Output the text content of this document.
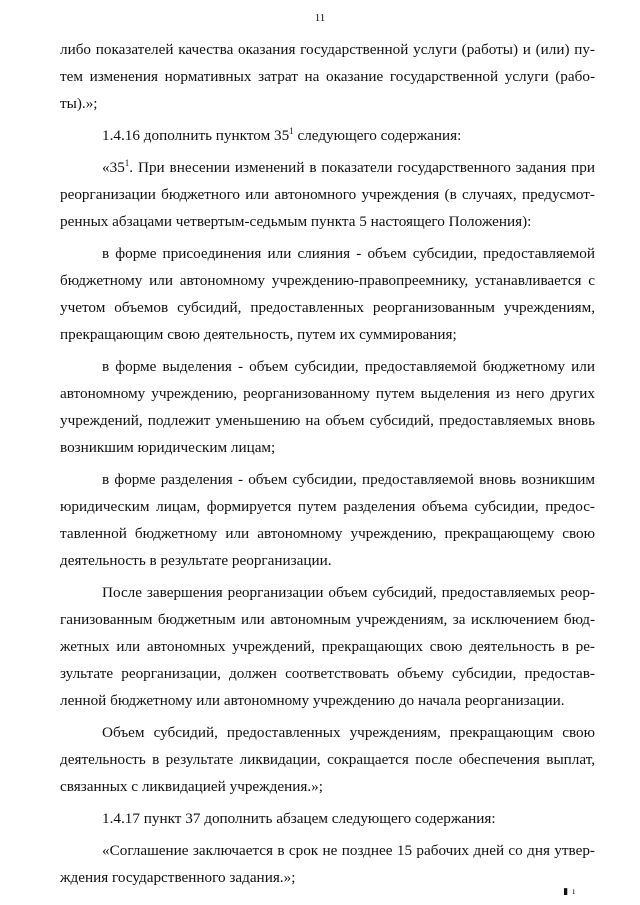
11

либо показателей качества оказания государственной услуги (работы) и (или) пу- тем изменения нормативных затрат на оказание государственной услуги (рабо- ты).»;

1.4.16 дополнить пунктом $35^1$ следующего содержания:

«$35^1$. При внесении изменений в показатели государственного задания при реорганизации бюджетного или автономного учреждения (в случаях, предусмот- ренных абзацами четвертым-седьмым пункта 5 настоящего Положения):

в форме присоединения или слияния - объем субсидии, предоставляемой бюджетному или автономному учреждению-правопреемнику, устанавливается с учетом объемов субсидий, предоставленных реорганизованным учреждениям, прекращающим свою деятельность, путем их суммирования;

в форме выделения - объем субсидии, предоставляемой бюджетному или автономному учреждению, реорганизованному путем выделения из него других учреждений, подлежит уменьшению на объем субсидий, предоставляемых вновь возникшим юридическим лицам;

в форме разделения - объем субсидии, предоставляемой вновь возникшим юридическим лицам, формируется путем разделения объема субсидии, предос- тавленной бюджетному или автономному учреждению, прекращающему свою деятельность в результате реорганизации.

После завершения реорганизации объем субсидий, предоставляемых реор- ганизованным бюджетным или автономным учреждениям, за исключением бюд- жетных или автономных учреждений, прекращающих свою деятельность в ре- зультате реорганизации, должен соответствовать объему субсидии, предостав- ленной бюджетному или автономному учреждению до начала реорганизации.

Объем субсидий, предоставленных учреждениям, прекращающим свою деятельность в результате ликвидации, сокращается после обеспечения выплат, связанных с ликвидацией учреждения.»;

1.4.17 пункт 37 дополнить абзацем следующего содержания:

«Соглашение заключается в срок не позднее 15 рабочих дней со дня утвер- ждения государственного задания.»;

▮ ı
